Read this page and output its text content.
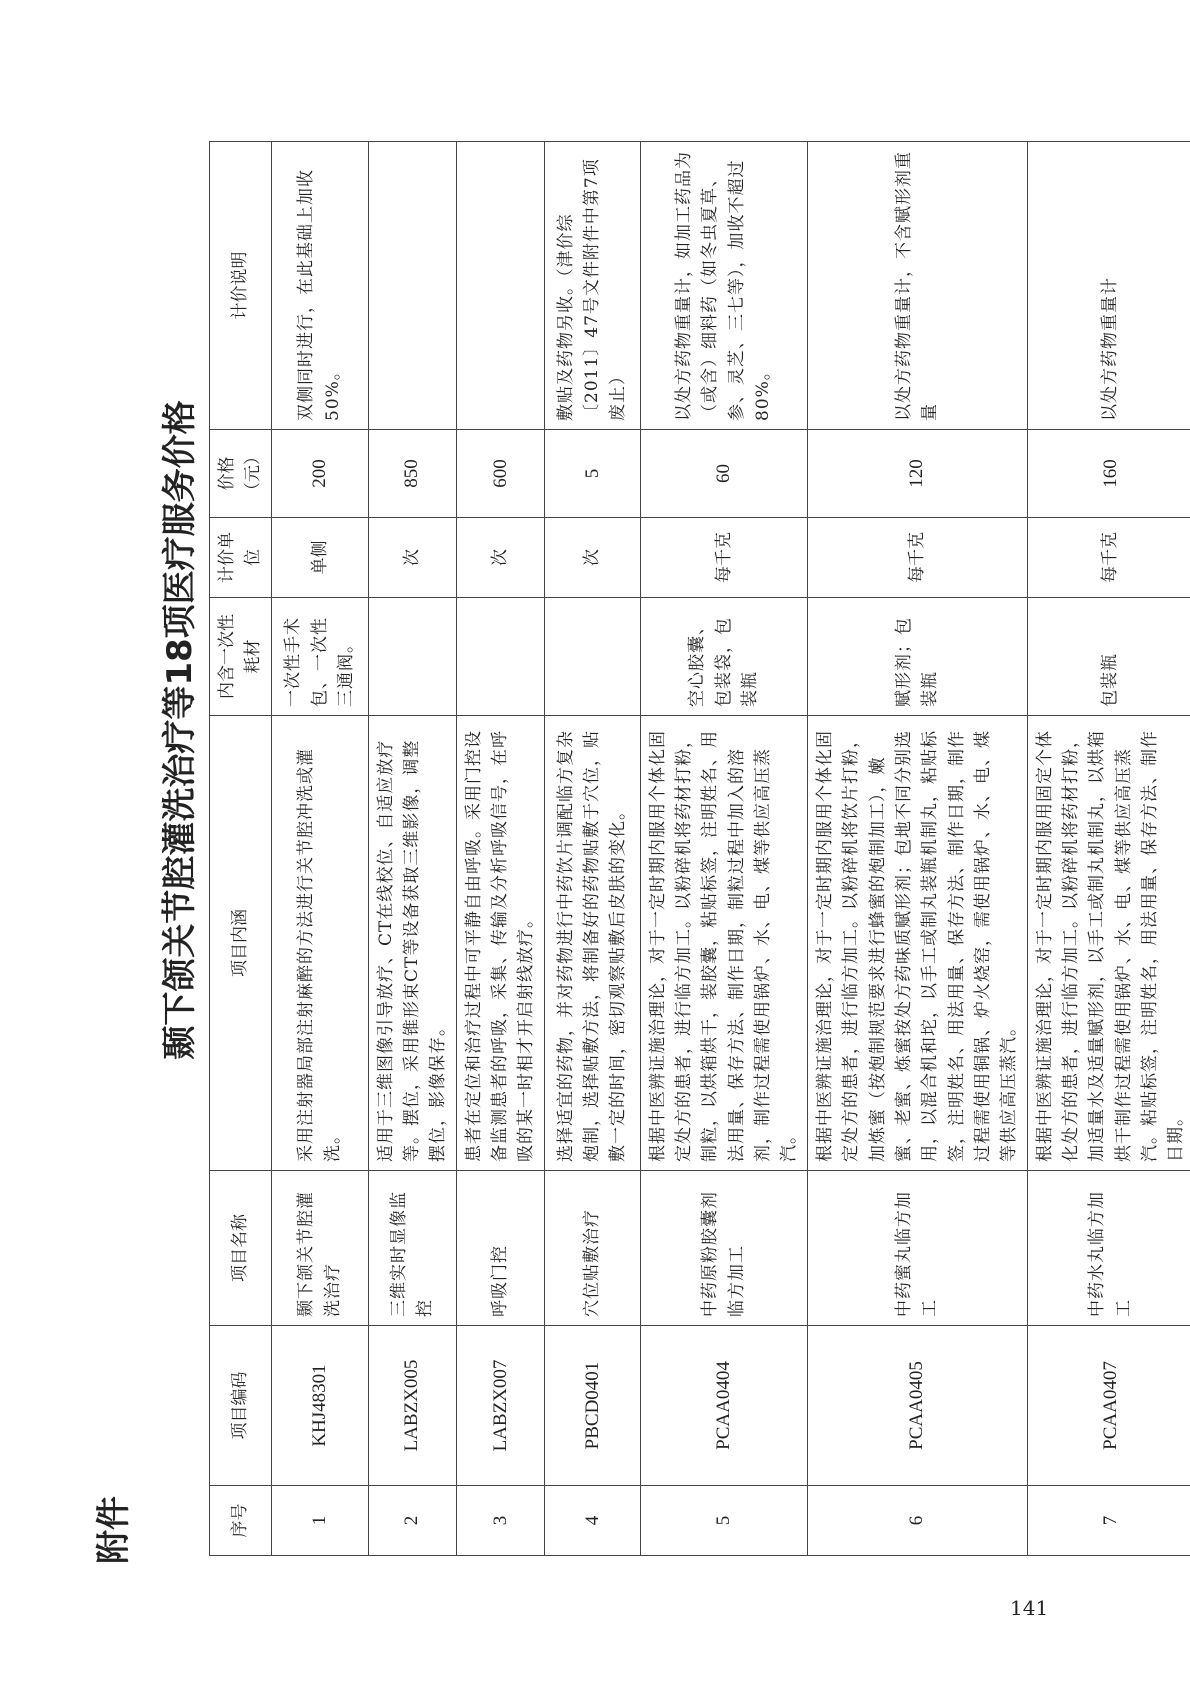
附件
颞下颌关节腔灌洗治疗等18项医疗服务价格
序号	项目编码	项目名称	项目内涵	内含一次性耗材	计价单位	价格（元）	计价说明
1	KHJ48301	颞下颌关节腔灌洗治疗	采用注射器局部注射麻醉的方法进行关节腔冲洗或灌洗。	一次性手术包、一次性三通阀。	单侧	200	双侧同时进行，在此基础上加收50%。
2	LABZX005	三维实时显像监控	适用于三维图像引导放疗、CT在线校位、自适应放疗等。摆位，采用锥形束CT等设备获取三维影像，调整摆位，影像保存。		次	850	
3	LABZX007	呼吸门控	患者在定位和治疗过程中可平静自由呼吸。采用门控设备监测患者的呼吸，采集、传输及分析呼吸信号，在呼吸的某一时相才开启射线放疗。		次	600	
4	PBCD0401	穴位贴敷治疗	选择适宜的药物，并对药物进行中药饮片调配临方复杂炮制，选择贴敷方法，将制备好的药物贴敷于穴位，贴敷一定的时间，密切观察贴敷后皮肤的变化。		次	5	敷贴及药物另收。（津价综〔2011〕47号文件附件中第7项废止）
5	PCAA0404	中药原粉胶囊剂临方加工	根据中医辨证施治理论，对于一定时期内服用个体化固定处方的患者，进行临方加工。以粉碎机将药材打粉，制粒，以烘箱烘干，装胶囊，粘贴标签，注明姓名、用法用量、保存方法、制作日期，制粒过程中加入的溶剂，制作过程需使用锅炉、水、电、煤等供应高压蒸汽。	空心胶囊、包装袋，包装瓶	每千克	60	以处方药物重量计，如加工药品为（或含）细料药（如冬虫夏草、参、灵芝、三七等），加收不超过80%。
6	PCAA0405	中药蜜丸临方加工	根据中医辨证施治理论，对于一定时期内服用个体化固定处方的患者，进行临方加工。以粉碎机将饮片打粉，加炼蜜（按炮制规范要求进行蜂蜜的炮制加工），嫩蜜、老蜜、炼蜜按处方药味质赋形剂；包地不同分别选用，以混合机和坨，以手工或制丸装瓶机制丸，粘贴标签，注明姓名、用法用量、保存方法、制作日期，制作过程需使用铜锅、炉火烧窑，需使用锅炉、水、电、煤等供应高压蒸汽。	赋形剂；包装瓶	每千克	120	以处方药物重量计，不含赋形剂重量
7	PCAA0407	中药水丸临方加工	根据中医辨证施治理论，对于一定时期内服用固定个体化处方的患者，进行临方加工。以粉碎机将药材打粉，加适量水及适量赋形剂，以手工或制丸机制丸，以烘箱烘干制作过程需使用锅炉、水、电、煤等供应高压蒸汽。粘贴标签，注明姓名，用法用量、保存方法、制作日期。	包装瓶	每千克	160	以处方药物重量计
141
